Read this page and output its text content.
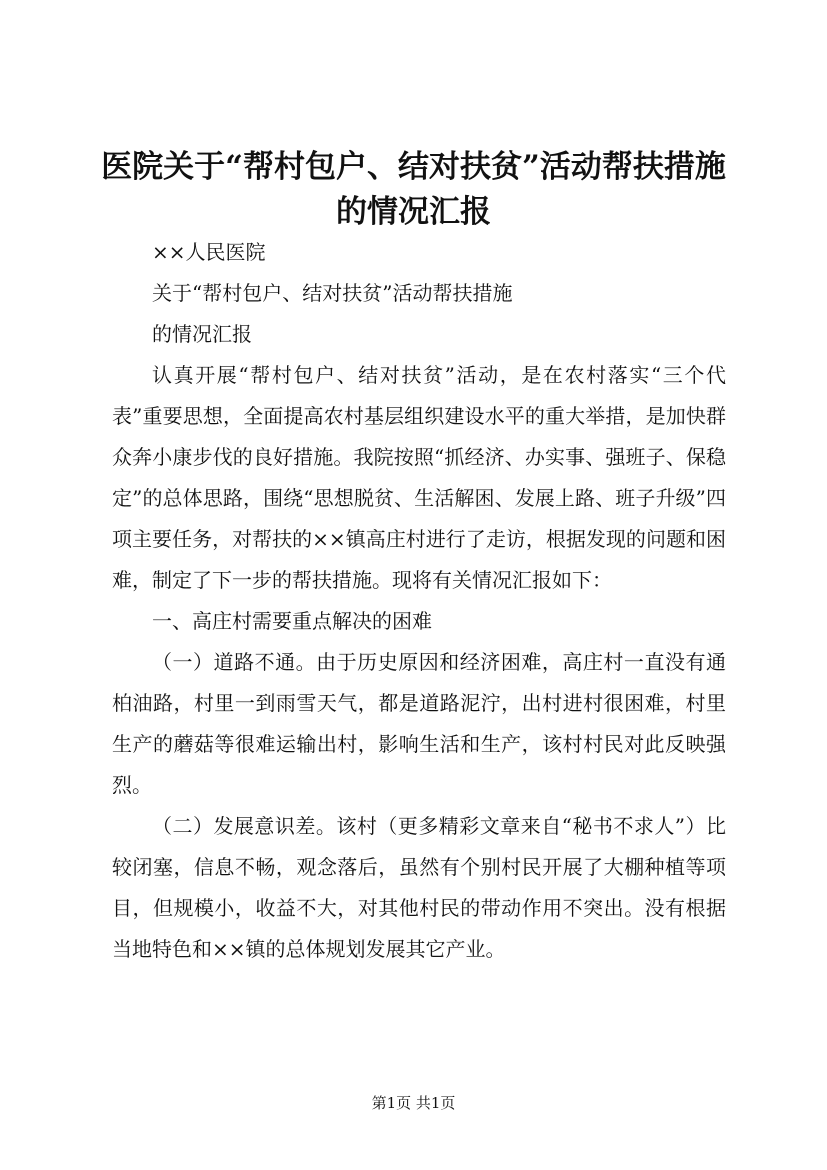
医院关于“帮村包户、结对扶贫”活动帮扶措施的情况汇报

××人民医院

关于“帮村包户、结对扶贫”活动帮扶措施

的情况汇报

认真开展“帮村包户、结对扶贫”活动，是在农村落实“三个代表”重要思想，全面提高农村基层组织建设水平的重大举措，是加快群众奔小康步伐的良好措施。我院按照“抓经济、办实事、强班子、保稳定”的总体思路，围绕“思想脱贫、生活解困、发展上路、班子升级”四项主要任务，对帮扶的××镇高庄村进行了走访，根据发现的问题和困难，制定了下一步的帮扶措施。现将有关情况汇报如下：

一、高庄村需要重点解决的困难

（一）道路不通。由于历史原因和经济困难，高庄村一直没有通柏油路，村里一到雨雪天气，都是道路泥泞，出村进村很困难，村里生产的蘑菇等很难运输出村，影响生活和生产，该村村民对此反映强烈。

（二）发展意识差。该村（更多精彩文章来自“秘书不求人”）比较闭塞，信息不畅，观念落后，虽然有个别村民开展了大棚种植等项目，但规模小，收益不大，对其他村民的带动作用不突出。没有根据当地特色和××镇的总体规划发展其它产业。

第1页 共1页
